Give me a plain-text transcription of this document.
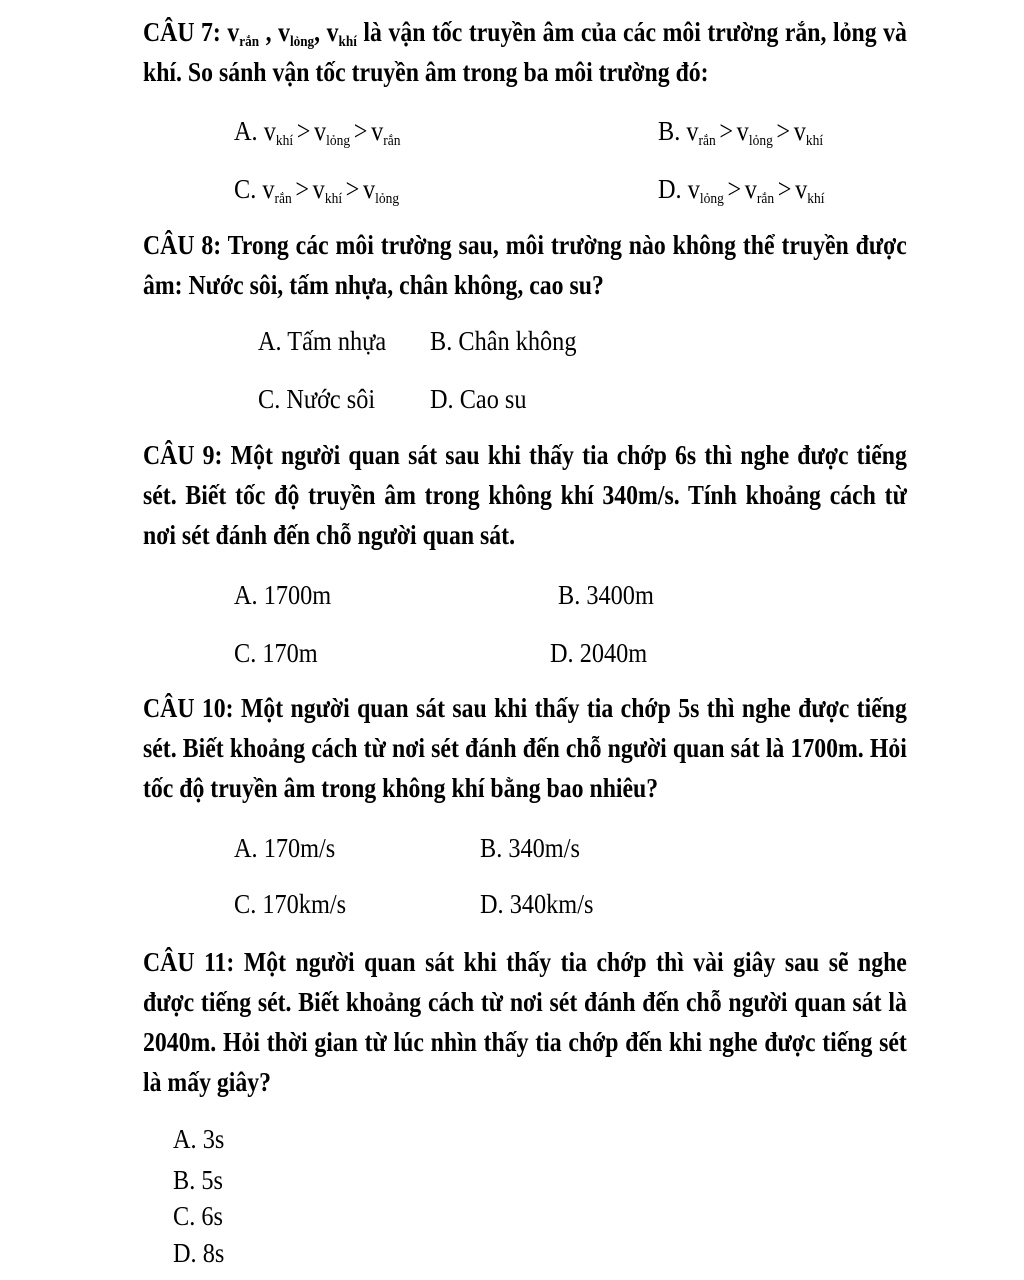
CÂU 7: $v_{rắn}$ , $v_{lỏng}$, $v_{khí}$ là vận tốc truyền âm của các môi trường rắn, lỏng và khí. So sánh vận tốc truyền âm trong ba môi trường đó:
A. $v_{khí} > v_{lỏng} > v_{rắn}$	B. $v_{rắn} > v_{lỏng} > v_{khí}$
C. $v_{rắn} > v_{khí} > v_{lỏng}$	D. $v_{lỏng} > v_{rắn} > v_{khí}$
CÂU 8: Trong các môi trường sau, môi trường nào không thể truyền được âm: Nước sôi, tấm nhựa, chân không, cao su?
A. Tấm nhựa B. Chân không
C. Nước sôi D. Cao su
CÂU 9: Một người quan sát sau khi thấy tia chớp 6s thì nghe được tiếng sét. Biết tốc độ truyền âm trong không khí 340m/s. Tính khoảng cách từ nơi sét đánh đến chỗ người quan sát.
A. 1700m	B. 3400m
C. 170m	D. 2040m
CÂU 10: Một người quan sát sau khi thấy tia chớp 5s thì nghe được tiếng sét. Biết khoảng cách từ nơi sét đánh đến chỗ người quan sát là 1700m. Hỏi tốc độ truyền âm trong không khí bằng bao nhiêu?
A. 170m/s	B. 340m/s
C. 170km/s	D. 340km/s
CÂU 11: Một người quan sát khi thấy tia chớp thì vài giây sau sẽ nghe được tiếng sét. Biết khoảng cách từ nơi sét đánh đến chỗ người quan sát là 2040m. Hỏi thời gian từ lúc nhìn thấy tia chớp đến khi nghe được tiếng sét là mấy giây?
A. 3s
B. 5s
C. 6s
D. 8s
